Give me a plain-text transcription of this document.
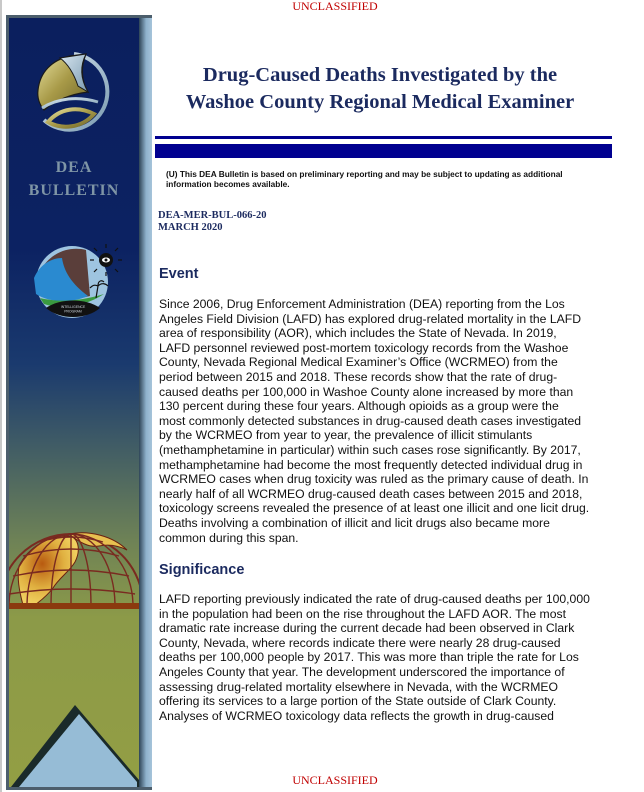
UNCLASSIFIED
DEA
BULLETIN
INTELLIGENCE
PROGRAM
Drug-Caused Deaths Investigated by the
Washoe County Regional Medical Examiner
(U) This DEA Bulletin is based on preliminary reporting and may be subject to updating as additional
information becomes available.
DEA-MER-BUL-066-20
MARCH 2020
Event
Since 2006, Drug Enforcement Administration (DEA) reporting from the Los
Angeles Field Division (LAFD) has explored drug-related mortality in the LAFD
area of responsibility (AOR), which includes the State of Nevada. In 2019,
LAFD personnel reviewed post-mortem toxicology records from the Washoe
County, Nevada Regional Medical Examiner’s Office (WCRMEO) from the
period between 2015 and 2018. These records show that the rate of drug-
caused deaths per 100,000 in Washoe County alone increased by more than
130 percent during these four years. Although opioids as a group were the
most commonly detected substances in drug-caused death cases investigated
by the WCRMEO from year to year, the prevalence of illicit stimulants
(methamphetamine in particular) within such cases rose significantly. By 2017,
methamphetamine had become the most frequently detected individual drug in
WCRMEO cases when drug toxicity was ruled as the primary cause of death. In
nearly half of all WCRMEO drug-caused death cases between 2015 and 2018,
toxicology screens revealed the presence of at least one illicit and one licit drug.
Deaths involving a combination of illicit and licit drugs also became more
common during this span.
Significance
LAFD reporting previously indicated the rate of drug-caused deaths per 100,000
in the population had been on the rise throughout the LAFD AOR. The most
dramatic rate increase during the current decade had been observed in Clark
County, Nevada, where records indicate there were nearly 28 drug-caused
deaths per 100,000 people by 2017. This was more than triple the rate for Los
Angeles County that year. The development underscored the importance of
assessing drug-related mortality elsewhere in Nevada, with the WCRMEO
offering its services to a large portion of the State outside of Clark County.
Analyses of WCRMEO toxicology data reflects the growth in drug-caused
UNCLASSIFIED
